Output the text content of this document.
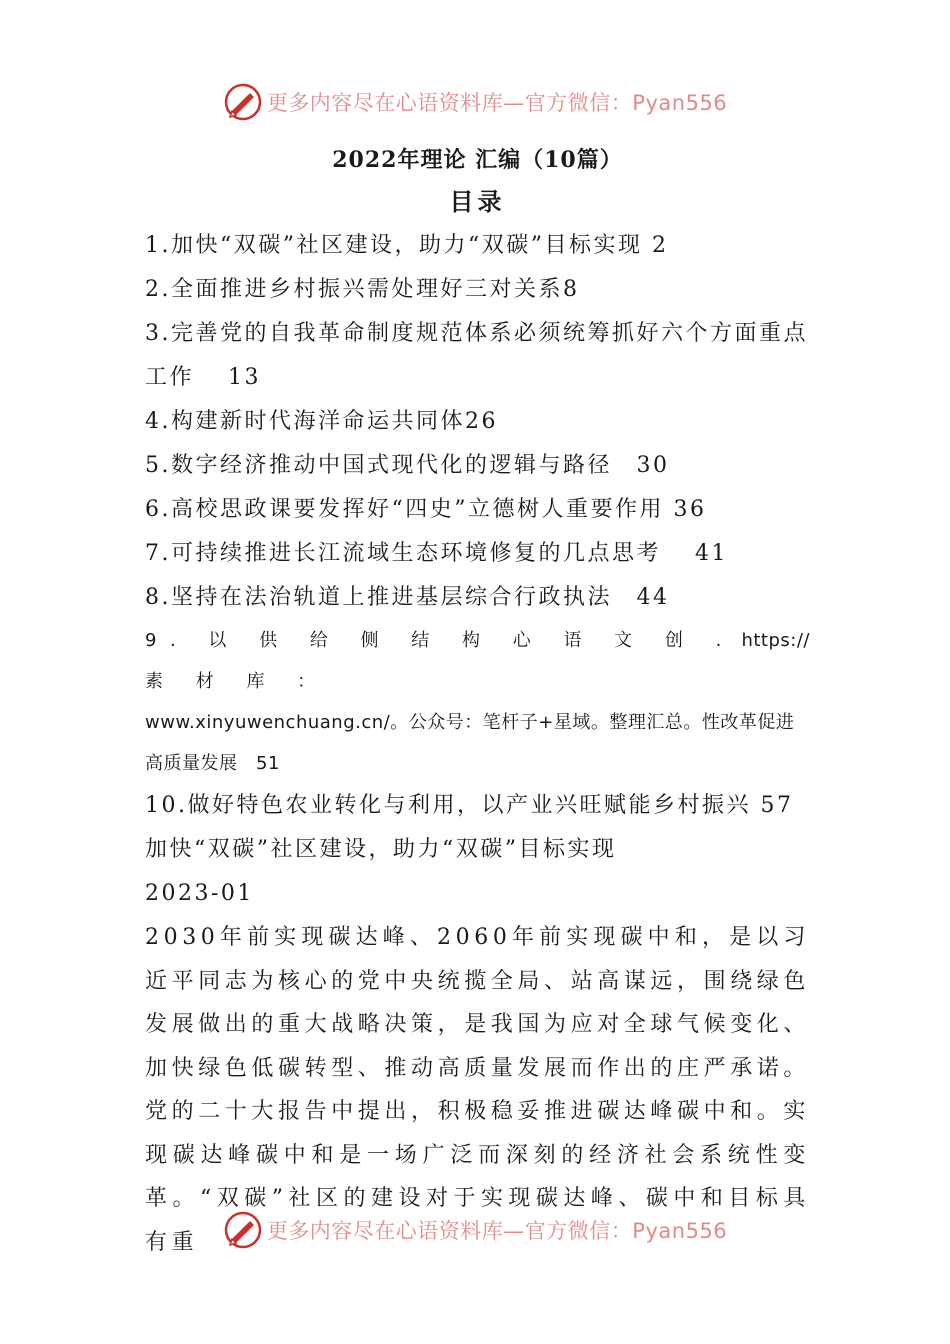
更多内容尽在心语资料库—官方微信：Pyan556
2022年理论 汇编（10篇）
目录
1.加快“双碳”社区建设，助力“双碳”目标实现 2
2.全面推进乡村振兴需处理好三对关系8
3.完善党的自我革命制度规范体系必须统筹抓好六个方面重点工作　 13
4.构建新时代海洋命运共同体26
5.数字经济推动中国式现代化的逻辑与路径　30
6.高校思政课要发挥好“四史”立德树人重要作用 36
7.可持续推进长江流域生态环境修复的几点思考　 41
8.坚持在法治轨道上推进基层综合行政执法　44
9. 以 供 给 侧 结 构 心 语 文 创 . 素 材 库 ：
https://
www.xinyuwenchuang.cn/。公众号：笔杆子+星域。整理汇总。性改革促进高质量发展　51
10.做好特色农业转化与利用，以产业兴旺赋能乡村振兴 57
加快“双碳”社区建设，助力“双碳”目标实现
2023-01
2030年前实现碳达峰、2060年前实现碳中和，是以习近平同志为核心的党中央统揽全局、站高谋远，围绕绿色发展做出的重大战略决策，是我国为应对全球气候变化、加快绿色低碳转型、推动高质量发展而作出的庄严承诺。党的二十大报告中提出，积极稳妥推进碳达峰碳中和。实现碳达峰碳中和是一场广泛而深刻的经济社会系统性变革。“双碳”社区的建设对于实现碳达峰、碳中和目标具有重	更多内容尽在心语资料库—官方微信：Pyan556
